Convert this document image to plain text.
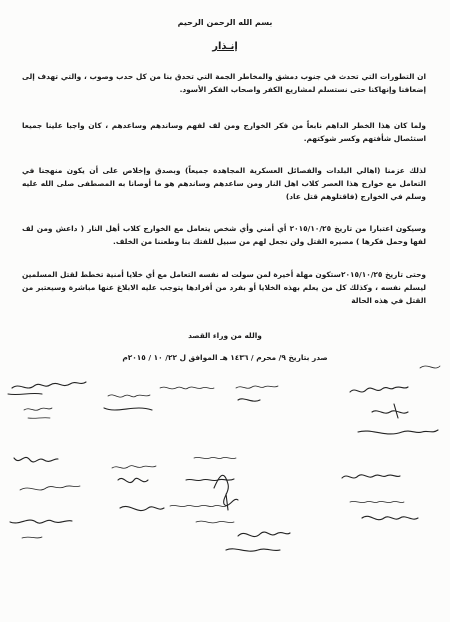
بسم الله الرحمن الرحيم
إنـذار

ان التطورات التي تحدث في جنوب دمشق والمخاطر الجمة التي تحدق بنا من كل حدب وصوب ، والتي تهدف إلى إضعافنا وإنهاكنا حتى نستسلم لمشاريع الكفر واصحاب الفكر الأسود.

ولما كان هذا الخطر الداهم نابعاً من فكر الخوارج ومن لف لفهم وساندهم وساعدهم ، كان واجبا علينا جميعا استئصال شأفتهم وكسر شوكتهم.

لذلك عزمنا (اهالي البلدات والفصائل العسكرية المجاهدة جميعاً) وبصدق وإخلاص على أن يكون منهجنا في التعامل مع خوارج هذا العصر كلاب اهل النار ومن ساعدهم وساندهم هو ما أوصانا به المصطفى صلى الله عليه وسلم في الخوارج (فاقتلوهم قتل عاد)

وسيكون اعتبارا من تاريخ ٢٠١٥/١٠/٢٥ أي أمني وأي شخص يتعامل مع الخوارج كلاب أهل النار ( داعش ومن لف لفها وحمل فكرها ) مصيره القتل ولن نجعل لهم من سبيل للفتك بنا وطعننا من الخلف.

وحتى تاريخ ٢٠١٥/١٠/٢٥ستكون مهلة أخيرة لمن سولت له نفسه التعامل مع أي خلايا أمنية تخطط لقتل المسلمين ليسلم نفسه ، وكذلك كل من يعلم بهذه الخلايا أو بفرد من أفرادها يتوجب عليه الابلاغ عنها مباشرة وسيعتبر من القتل في هذه الحالة

والله من وراء القصد
صدر بتاريخ ٩/ محرم / ١٤٣٦ هـ الموافق ل ٢٢/ ١٠ / ٢٠١٥م
